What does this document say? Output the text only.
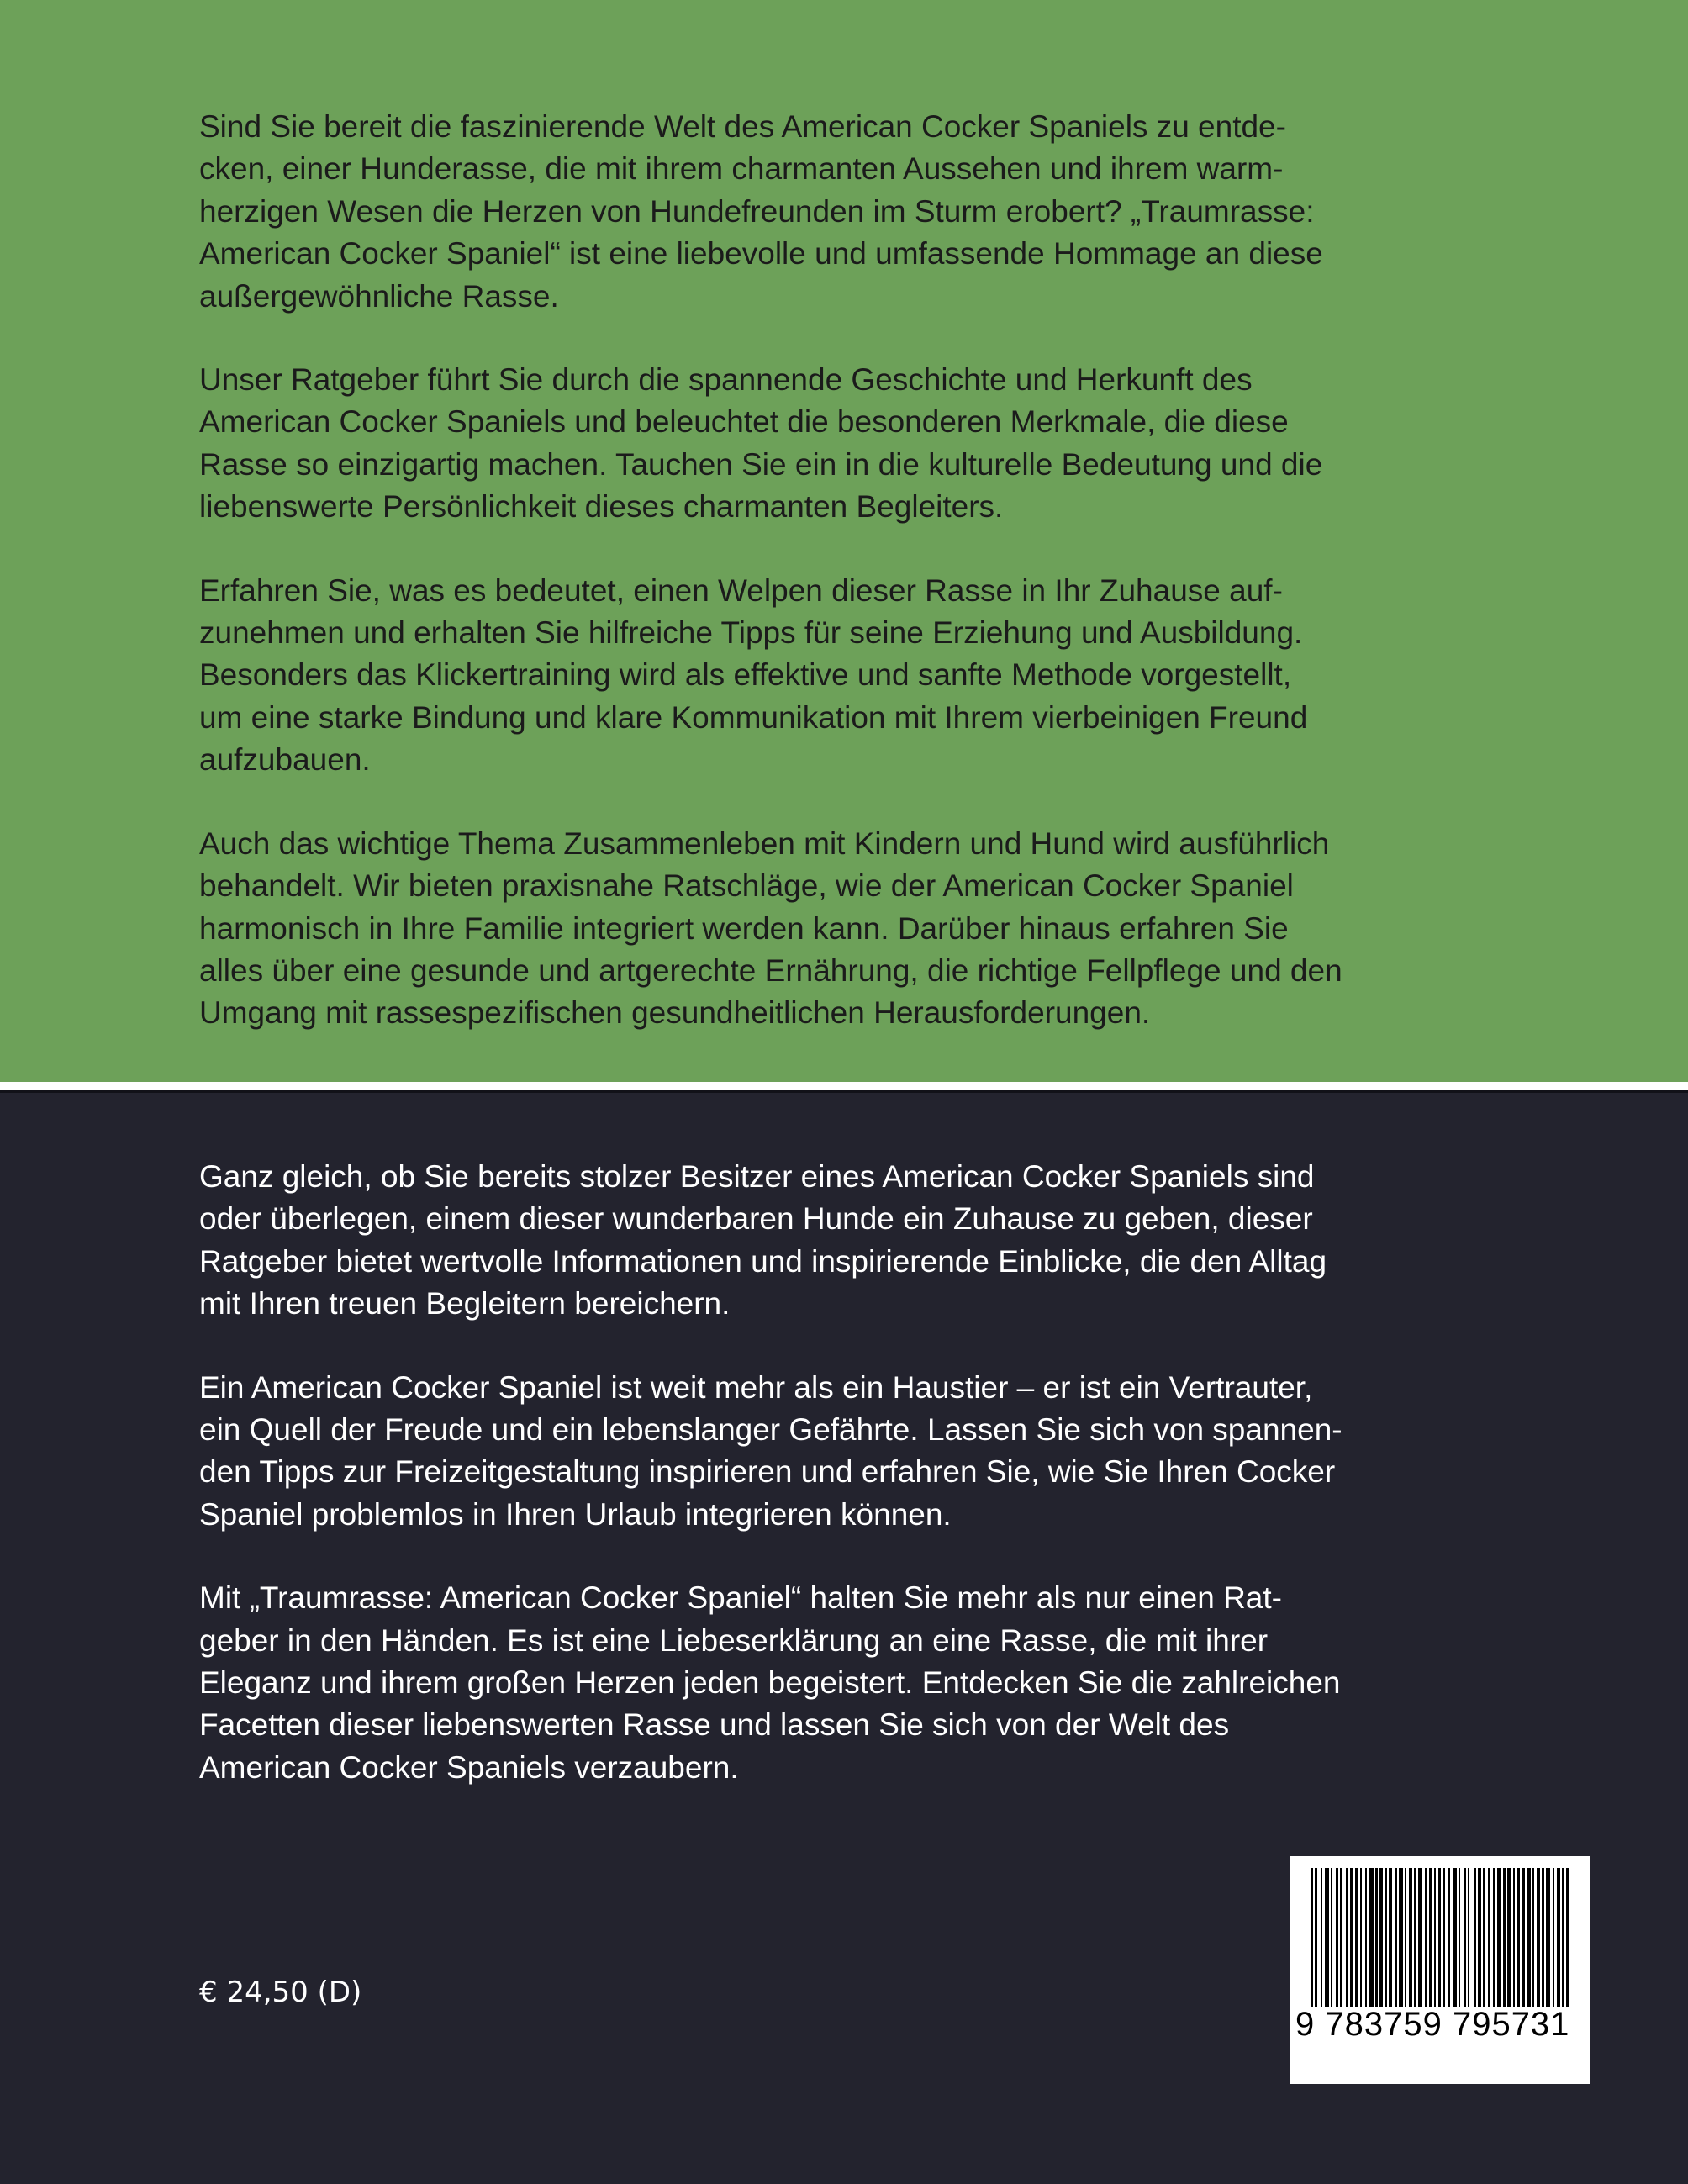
Sind Sie bereit die faszinierende Welt des American Cocker Spaniels zu entde-
cken, einer Hunderasse, die mit ihrem charmanten Aussehen und ihrem warm-
herzigen Wesen die Herzen von Hundefreunden im Sturm erobert? „Traumrasse:
American Cocker Spaniel“ ist eine liebevolle und umfassende Hommage an diese
außergewöhnliche Rasse.

Unser Ratgeber führt Sie durch die spannende Geschichte und Herkunft des
American Cocker Spaniels und beleuchtet die besonderen Merkmale, die diese
Rasse so einzigartig machen. Tauchen Sie ein in die kulturelle Bedeutung und die
liebenswerte Persönlichkeit dieses charmanten Begleiters.

Erfahren Sie, was es bedeutet, einen Welpen dieser Rasse in Ihr Zuhause auf-
zunehmen und erhalten Sie hilfreiche Tipps für seine Erziehung und Ausbildung.
Besonders das Klickertraining wird als effektive und sanfte Methode vorgestellt,
um eine starke Bindung und klare Kommunikation mit Ihrem vierbeinigen Freund
aufzubauen.

Auch das wichtige Thema Zusammenleben mit Kindern und Hund wird ausführlich
behandelt. Wir bieten praxisnahe Ratschläge, wie der American Cocker Spaniel
harmonisch in Ihre Familie integriert werden kann. Darüber hinaus erfahren Sie
alles über eine gesunde und artgerechte Ernährung, die richtige Fellpflege und den
Umgang mit rassespezifischen gesundheitlichen Herausforderungen.

Ganz gleich, ob Sie bereits stolzer Besitzer eines American Cocker Spaniels sind
oder überlegen, einem dieser wunderbaren Hunde ein Zuhause zu geben, dieser
Ratgeber bietet wertvolle Informationen und inspirierende Einblicke, die den Alltag
mit Ihren treuen Begleitern bereichern.

Ein American Cocker Spaniel ist weit mehr als ein Haustier – er ist ein Vertrauter,
ein Quell der Freude und ein lebenslanger Gefährte. Lassen Sie sich von spannen-
den Tipps zur Freizeitgestaltung inspirieren und erfahren Sie, wie Sie Ihren Cocker
Spaniel problemlos in Ihren Urlaub integrieren können.

Mit „Traumrasse: American Cocker Spaniel“ halten Sie mehr als nur einen Rat-
geber in den Händen. Es ist eine Liebeserklärung an eine Rasse, die mit ihrer
Eleganz und ihrem großen Herzen jeden begeistert. Entdecken Sie die zahlreichen
Facetten dieser liebenswerten Rasse und lassen Sie sich von der Welt des
American Cocker Spaniels verzaubern.

€ 24,50 (D)
9 783759 795731
